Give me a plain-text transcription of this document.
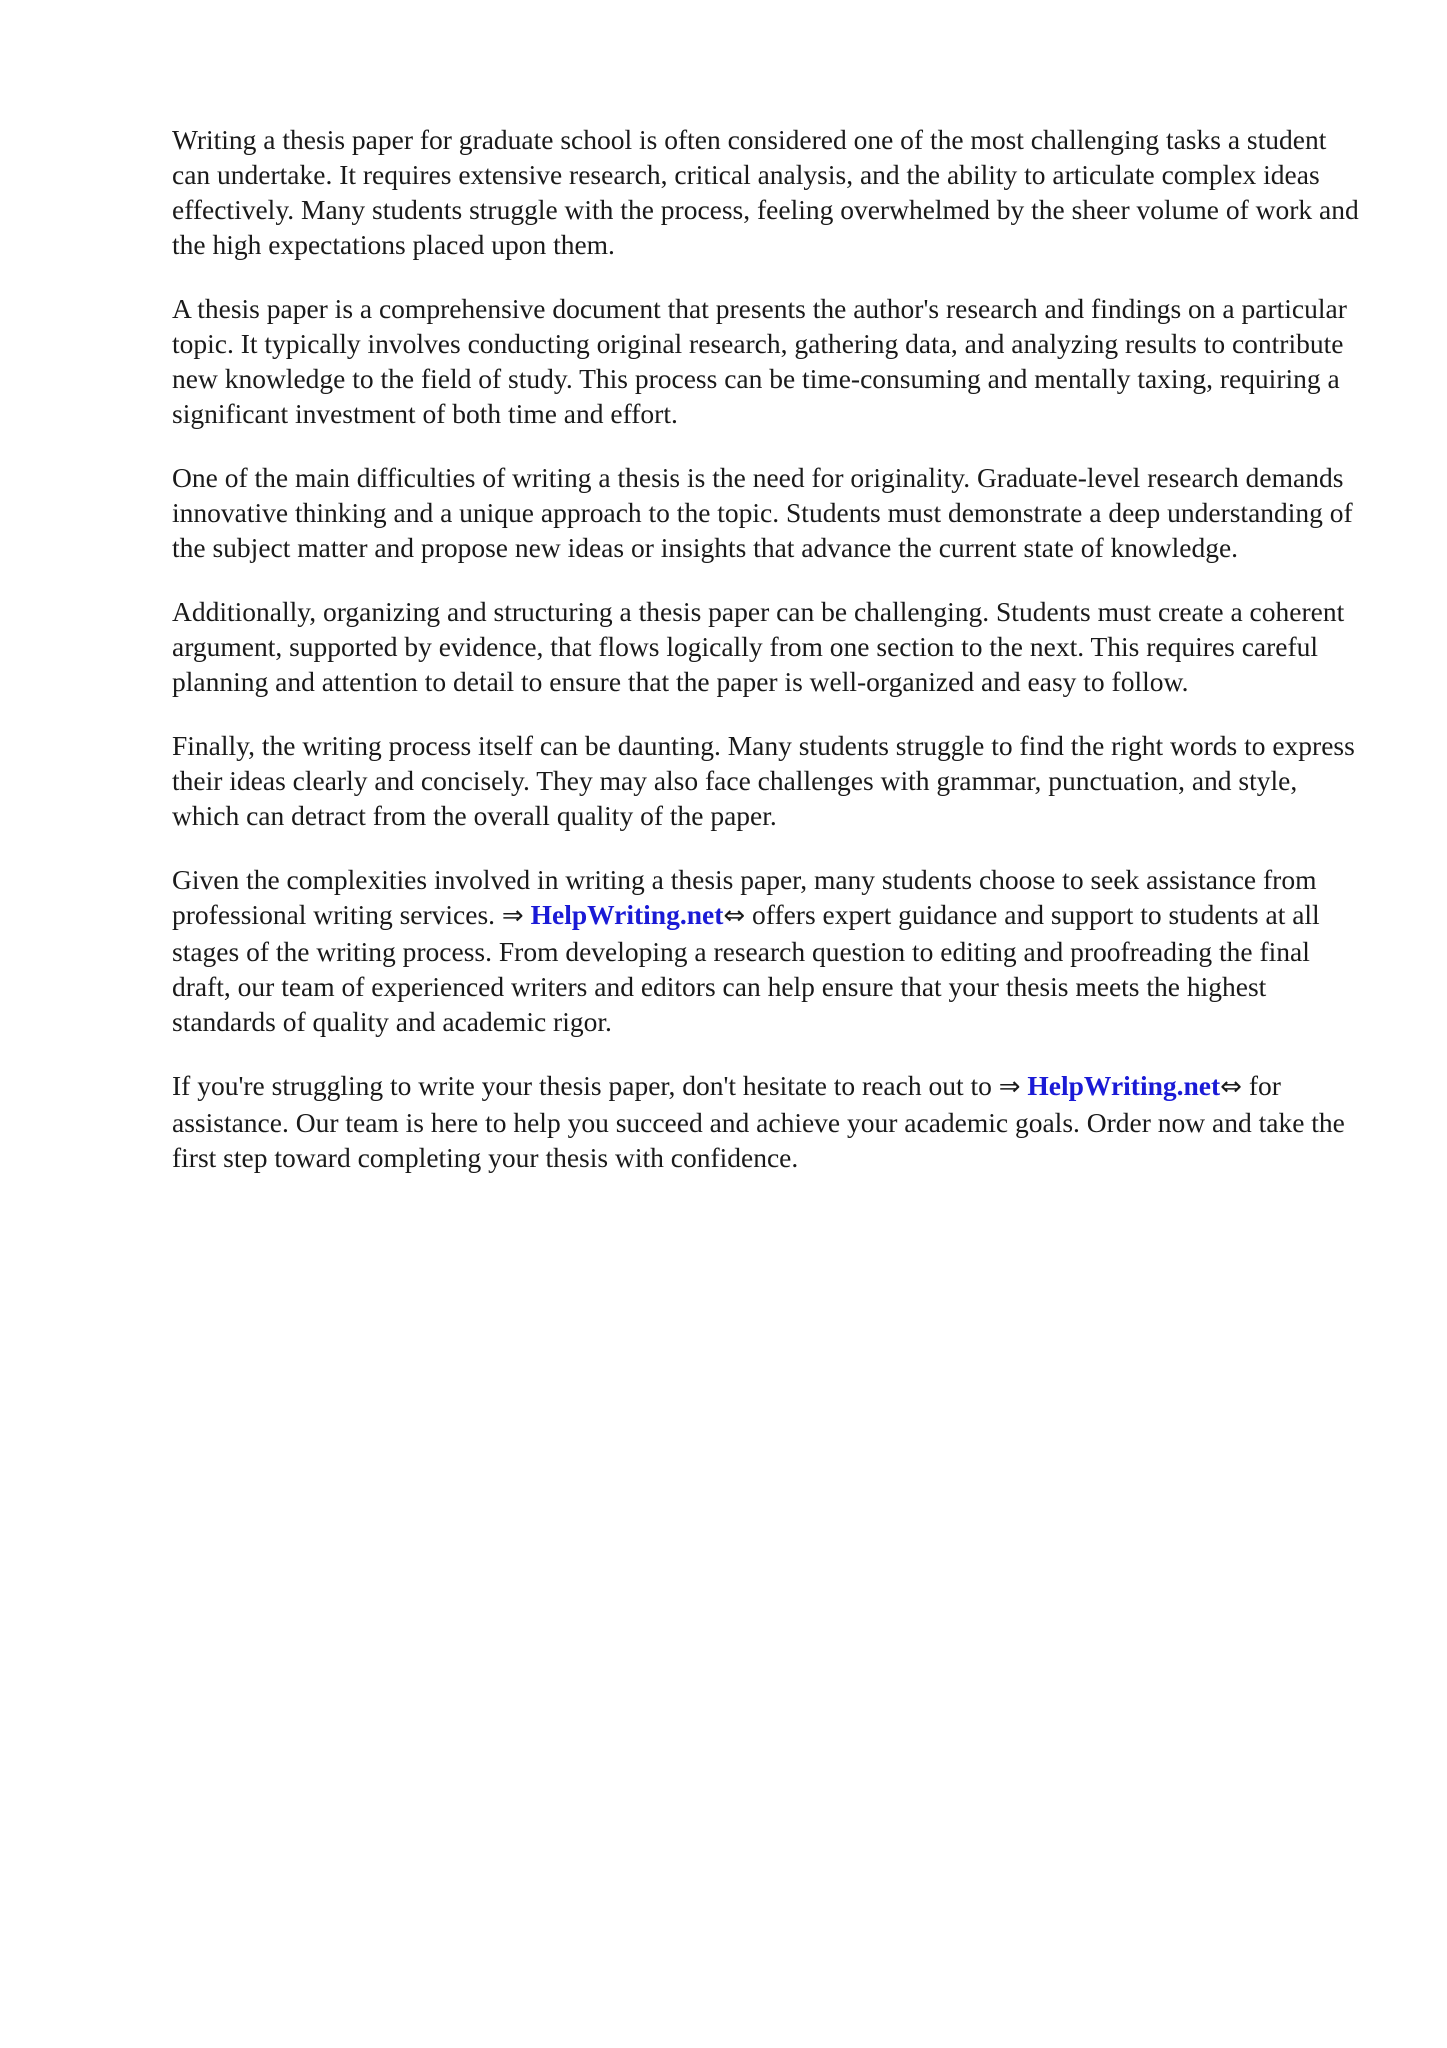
Writing a thesis paper for graduate school is often considered one of the most challenging tasks a student can undertake. It requires extensive research, critical analysis, and the ability to articulate complex ideas effectively. Many students struggle with the process, feeling overwhelmed by the sheer volume of work and the high expectations placed upon them.

A thesis paper is a comprehensive document that presents the author's research and findings on a particular topic. It typically involves conducting original research, gathering data, and analyzing results to contribute new knowledge to the field of study. This process can be time-consuming and mentally taxing, requiring a significant investment of both time and effort.

One of the main difficulties of writing a thesis is the need for originality. Graduate-level research demands innovative thinking and a unique approach to the topic. Students must demonstrate a deep understanding of the subject matter and propose new ideas or insights that advance the current state of knowledge.

Additionally, organizing and structuring a thesis paper can be challenging. Students must create a coherent argument, supported by evidence, that flows logically from one section to the next. This requires careful planning and attention to detail to ensure that the paper is well-organized and easy to follow.

Finally, the writing process itself can be daunting. Many students struggle to find the right words to express their ideas clearly and concisely. They may also face challenges with grammar, punctuation, and style, which can detract from the overall quality of the paper.

Given the complexities involved in writing a thesis paper, many students choose to seek assistance from professional writing services. ⇒ HelpWriting.net⇔ offers expert guidance and support to students at all stages of the writing process. From developing a research question to editing and proofreading the final draft, our team of experienced writers and editors can help ensure that your thesis meets the highest standards of quality and academic rigor.

If you're struggling to write your thesis paper, don't hesitate to reach out to ⇒ HelpWriting.net⇔ for assistance. Our team is here to help you succeed and achieve your academic goals. Order now and take the first step toward completing your thesis with confidence.
